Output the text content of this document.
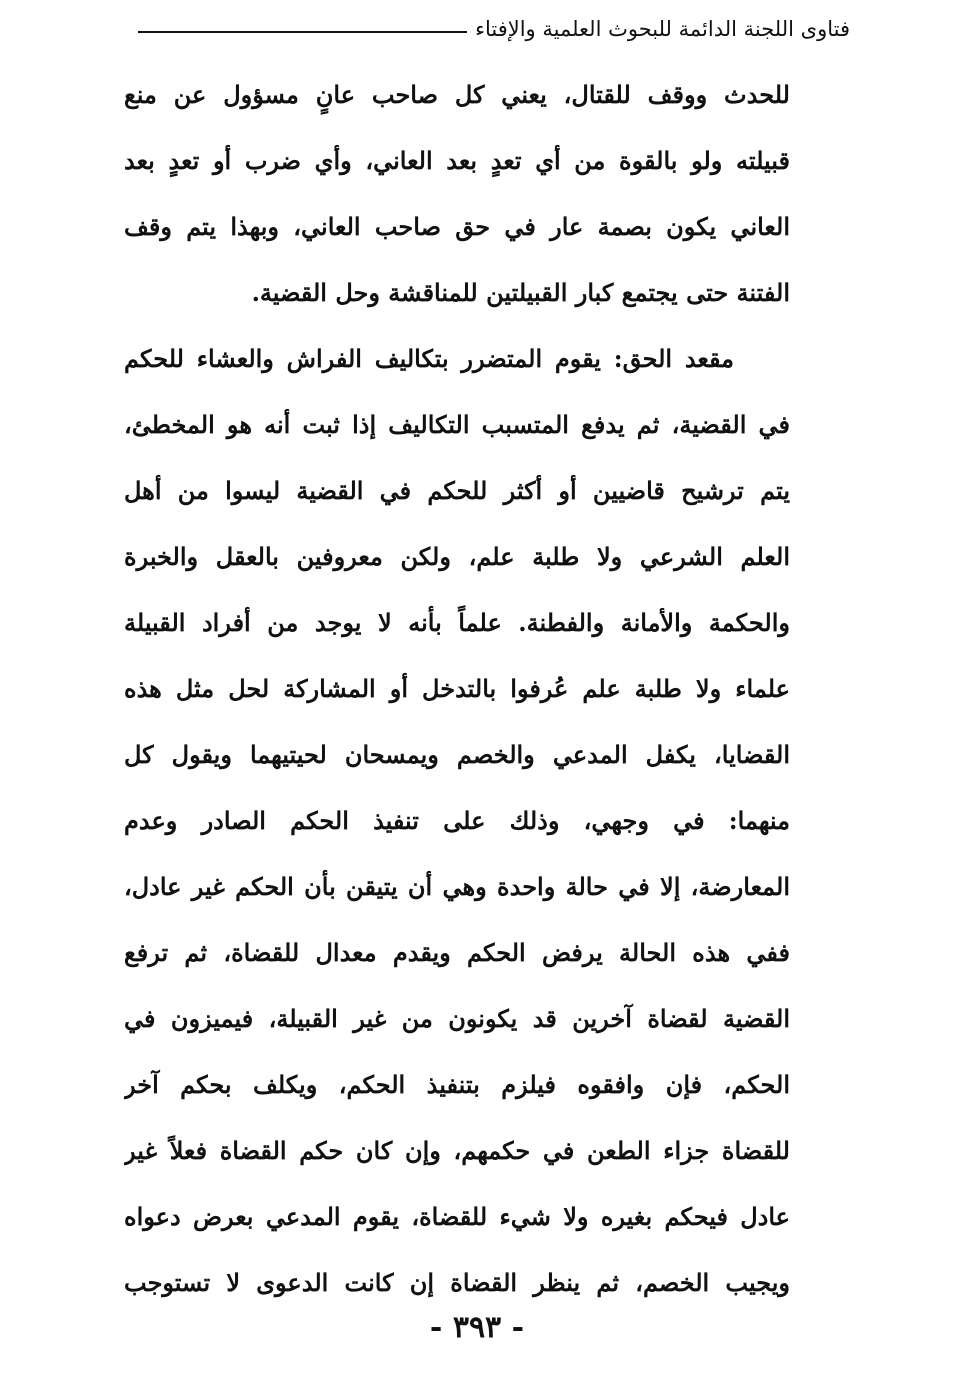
فتاوى اللجنة الدائمة للبحوث العلمية والإفتاء
للحدث ووقف للقتال، يعني كل صاحب عانٍ مسؤول عن منع
قبيلته ولو بالقوة من أي تعدٍ بعد العاني، وأي ضرب أو تعدٍ بعد
العاني يكون بصمة عار في حق صاحب العاني، وبهذا يتم وقف
الفتنة حتى يجتمع كبار القبيلتين للمناقشة وحل القضية.
مقعد الحق: يقوم المتضرر بتكاليف الفراش والعشاء للحكم
في القضية، ثم يدفع المتسبب التكاليف إذا ثبت أنه هو المخطئ،
يتم ترشيح قاضيين أو أكثر للحكم في القضية ليسوا من أهل
العلم الشرعي ولا طلبة علم، ولكن معروفين بالعقل والخبرة
والحكمة والأمانة والفطنة. علماً بأنه لا يوجد من أفراد القبيلة
علماء ولا طلبة علم عُرفوا بالتدخل أو المشاركة لحل مثل هذه
القضايا، يكفل المدعي والخصم ويمسحان لحيتيهما ويقول كل
منهما: في وجهي، وذلك على تنفيذ الحكم الصادر وعدم
المعارضة، إلا في حالة واحدة وهي أن يتيقن بأن الحكم غير عادل،
ففي هذه الحالة يرفض الحكم ويقدم معدال للقضاة، ثم ترفع
القضية لقضاة آخرين قد يكونون من غير القبيلة، فيميزون في
الحكم، فإن وافقوه فيلزم بتنفيذ الحكم، ويكلف بحكم آخر
للقضاة جزاء الطعن في حكمهم، وإن كان حكم القضاة فعلاً غير
عادل فيحكم بغيره ولا شيء للقضاة، يقوم المدعي بعرض دعواه
ويجيب الخصم، ثم ينظر القضاة إن كانت الدعوى لا تستوجب
- ٣٩٣ -
